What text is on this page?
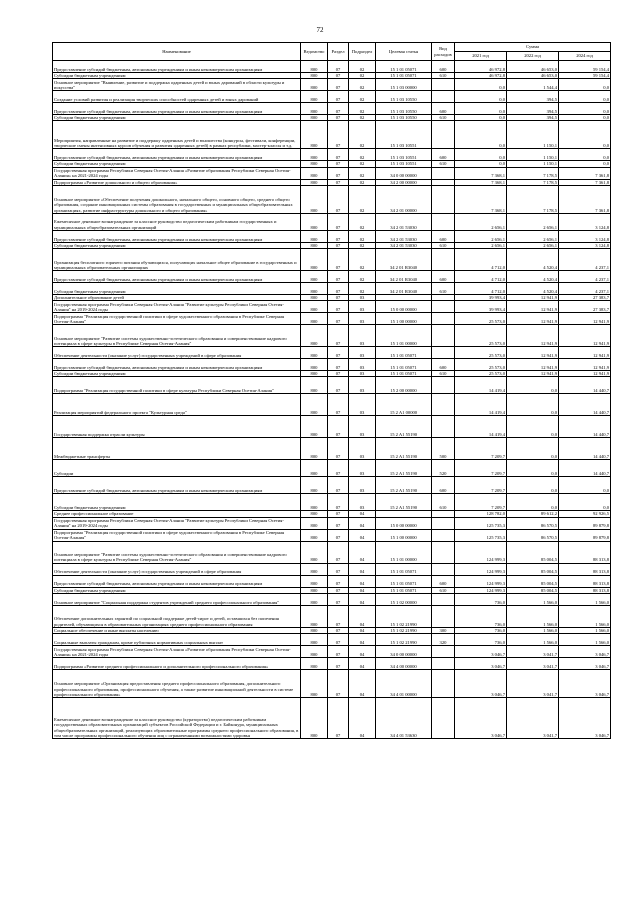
72
Наименование	Ведомство	Раздел	Подраздел	Целевая статья	Вид расходов	Сумма		
						2021 год	2022 год	2024 год
Предоставление субсидий бюджетным, автономным учреждениям и иным некоммерческим организациям	800	07	02	15 1 01 05071	600	46 972,8	46 653,0	59 154,4
Субсидии бюджетным учреждениям	800	07	02	15 1 01 05071	610	46 972,8	46 653,0	59 154,4
Основное мероприятие "Выявление, развитие и поддержка одаренных детей и юных дарований в области культуры и искусства"	800	07	02	15 1 03 00000		0,0	1 544,4	0,0
Создание условий развития и реализация творческих способностей одаренных детей и юных дарований	800	07	02	15 1 03 10550		0,0	394,5	0,0
Предоставление субсидий бюджетным, автономным учреждениям и иным некоммерческим организациям	800	07	02	15 1 03 10550	600	0,0	394,5	0,0
Субсидии бюджетным учреждениям	800	07	02	15 1 03 10550	610	0,0	394,5	0,0
Мероприятия, направленные на развитие и поддержку одаренных детей и юношества (конкурсы, фестивали, конференции, творческие смены интенсивных курсов обучения и развития одаренных детей) в рамках республики, мастер-классы и т.д.	800	07	02	15 1 03 10551		0,0	1 150,1	0,0
Предоставление субсидий бюджетным, автономным учреждениям и иным некоммерческим организациям	800	07	02	15 1 03 10551	600	0,0	1 150,1	0,0
Субсидии бюджетным учреждениям	800	07	02	15 1 03 10551	610	0,0	1 150,1	0,0
Государственная программа Республики Северная Осетия-Алания «Развитие образования Республики Северная Осетия-Алания» на 2021-2024 годы	800	07	02	34 0 00 00000		7 368,1	7 178,5	7 361,8
Подпрограмма «Развитие дошкольного и общего образования»	800	07	02	34 2 00 00000		7 368,1	7 178,5	7 361,8
Основное мероприятие «Обеспечение получения дошкольного, начального общего, основного общего, среднего общего образования, создание инновационных системы образования в государственных и муниципальных общеобразовательных организациях, развитие инфраструктуры дошкольного и общего образования»	800	07	02	34 2 01 00000		7 368,1	7 178,5	7 361,8
Ежемесячное денежное вознаграждение за классное руководство педагогическим работникам государственных и муниципальных общеобразовательных организаций	800	07	02	34 2 01 53030		2 656,1	2 656,1	3 124,8
Предоставление субсидий бюджетным, автономным учреждениям и иным некоммерческим организациям	800	07	02	34 2 01 53030	600	2 656,1	2 656,1	3 124,8
Субсидии бюджетным учреждениям	800	07	02	34 2 01 53030	610	2 656,1	2 656,1	3 124,8
Организация бесплатного горячего питания обучающихся, получающих начальное общее образование в государственных и муниципальных образовательных организациях	800	07	02	34 2 01 R3040		4 712,0	4 520,4	4 237,1
Предоставление субсидий бюджетным, автономным учреждениям и иным некоммерческим организациям	800	07	02	34 2 01 R3040	600	4 712,0	4 520,4	4 237,1
Субсидии бюджетным учреждениям	800	07	02	34 2 01 R3040	610	4 712,0	4 520,4	4 237,1
Дополнительное образование детей	800	07	03			39 993,4	12 941,9	27 383,7
Государственная программа Республики Северная Осетия-Алания "Развитие культуры Республики Северная Осетия-Алания" на 2019-2024 годы	800	07	03	15 0 00 00000		39 993,4	12 941,9	27 383,7
Подпрограмма "Реализация государственной политики в сфере художественного образования в Республике Северная Осетия-Алания"	800	07	03	15 1 00 00000		25 573,0	12 941,9	12 941,9
Основное мероприятие "Развитие системы художественно-эстетического образования и совершенствование кадрового потенциала в сфере культуры в Республике Северная Осетия-Алания"	800	07	03	15 1 01 00000		25 573,0	12 941,9	12 941,9
Обеспечение деятельности (оказание услуг) государственных учреждений в сфере образования	800	07	03	15 1 01 05071		25 573,0	12 941,9	12 941,9
Предоставление субсидий бюджетным, автономным учреждениям и иным некоммерческим организациям	800	07	03	15 1 01 05071	600	25 573,0	12 941,9	12 941,9
Субсидии бюджетным учреждениям	800	07	03	15 1 01 05071	610	25 573,0	12 941,9	12 941,9
Подпрограмма "Реализация государственной политики в сфере культуры Республики Северная Осетия-Алания"	800	07	03	15 2 00 00000		14 419,4	0,0	14 440,7
Реализация мероприятий федерального проекта "Культурная среда"	800	07	03	15 2 A1 00000		14 419,4	0,0	14 440,7
Государственная поддержка отрасли культуры	800	07	03	15 2 A1 55190		14 419,4	0,0	14 440,7
Межбюджетные трансферты	800	07	03	15 2 A1 55190	500	7 209,7	0,0	14 440,7
Субсидии	800	07	03	15 2 A1 55190	520	7 209,7	0,0	14 440,7
Предоставление субсидий бюджетным, автономным учреждениям и иным некоммерческим организациям	800	07	03	15 2 A1 55190	600	7 209,7	0,0	0,0
Субсидии бюджетным учреждениям	800	07	03	15 2 A1 55190	610	7 209,7	0,0	0,0
Среднее профессиональное образование	800	07	04			128 782,0	89 612,2	92 926,5
Государственная программа Республики Северная Осетия-Алания "Развитие культуры Республики Северная Осетия-Алания" на 2019-2024 годы	800	07	04	15 0 00 00000		125 735,3	86 570,5	89 879,8
Подпрограмма "Реализация государственной политики в сфере художественного образования в Республике Северная Осетия-Алания"	800	07	04	15 1 00 00000		125 735,3	86 570,5	89 879,8
Основное мероприятие "Развитие системы художественно-эстетического образования и совершенствование кадрового потенциала в сфере культуры в Республике Северная Осетия-Алания"	800	07	04	15 1 01 00000		124 999,3	85 004,5	88 313,8
Обеспечение деятельности (оказание услуг) государственных учреждений в сфере образования	800	07	04	15 1 01 05071		124 999,3	85 004,5	88 313,8
Предоставление субсидий бюджетным, автономным учреждениям и иным некоммерческим организациям	800	07	04	15 1 01 05071	600	124 999,3	85 004,5	88 313,8
Субсидии бюджетным учреждениям	800	07	04	15 1 01 05071	610	124 999,3	85 004,5	88 313,8
Основное мероприятие "Социальная поддержка студентов учреждений среднего профессионального образования"	800	07	04	15 1 02 00000		736,0	1 566,0	1 566,0
Обеспечение дополнительных гарантий по социальной поддержке детей-сирот и детей, оставшихся без попечения родителей, обучающихся в образовательных организациях среднего профессионального образования	800	07	04	15 1 02 21990		736,0	1 566,0	1 566,0
Социальное обеспечение и иные выплаты населению	800	07	04	15 1 02 21990	300	736,0	1 566,0	1 566,0
Социальные выплаты гражданам, кроме публичных нормативных социальных выплат	800	07	04	15 1 02 21990	320	736,0	1 566,0	1 566,0
Государственная программа Республики Северная Осетия-Алания «Развитие образования Республики Северная Осетия-Алания» на 2021-2024 годы	800	07	04	34 0 00 00000		3 046,7	3 041,7	3 046,7
Подпрограмма «Развитие среднего профессионального и дополнительного профессионального образования»	800	07	04	34 4 00 00000		3 046,7	3 041,7	3 046,7
Основное мероприятие «Организация предоставления среднего профессионального образования, дополнительного профессионального образования, профессионального обучения, а также развитие инновационной деятельности в системе профессионального образования»	800	07	04	34 4 01 00000		3 046,7	3 041,7	3 046,7
Ежемесячное денежное вознаграждение за классное руководство (кураторство) педагогическим работникам государственных образовательных организаций субъектов Российской Федерации и г. Байконура, муниципальных общеобразовательных организаций, реализующих образовательные программы среднего профессионального образования, в том числе программы профессионального обучения лиц с ограниченными возможностями здоровья	800	07	04	34 4 01 53630		3 046,7	3 041,7	3 046,7
